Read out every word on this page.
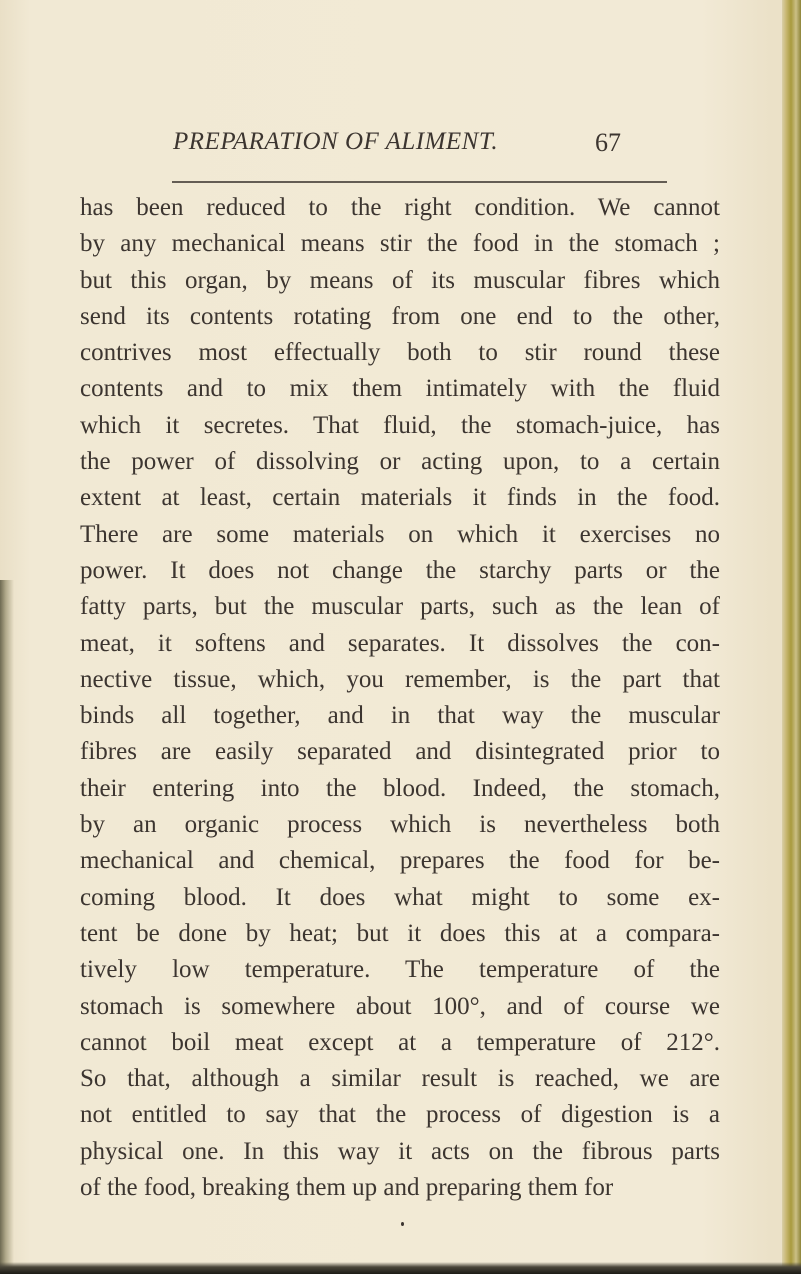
PREPARATION OF ALIMENT.	67
has been reduced to the right condition. We cannot
by any mechanical means stir the food in the stomach ;
but this organ, by means of its muscular fibres which
send its contents rotating from one end to the other,
contrives most effectually both to stir round these
contents and to mix them intimately with the fluid
which it secretes. That fluid, the stomach-juice, has
the power of dissolving or acting upon, to a certain
extent at least, certain materials it finds in the food.
There are some materials on which it exercises no
power. It does not change the starchy parts or the
fatty parts, but the muscular parts, such as the lean of
meat, it softens and separates. It dissolves the con-
nective tissue, which, you remember, is the part that
binds all together, and in that way the muscular
fibres are easily separated and disintegrated prior to
their entering into the blood. Indeed, the stomach,
by an organic process which is nevertheless both
mechanical and chemical, prepares the food for be-
coming blood. It does what might to some ex-
tent be done by heat; but it does this at a compara-
tively low temperature. The temperature of the
stomach is somewhere about 100°, and of course we
cannot boil meat except at a temperature of 212°.
So that, although a similar result is reached, we are
not entitled to say that the process of digestion is a
physical one. In this way it acts on the fibrous parts
of the food, breaking them up and preparing them for
